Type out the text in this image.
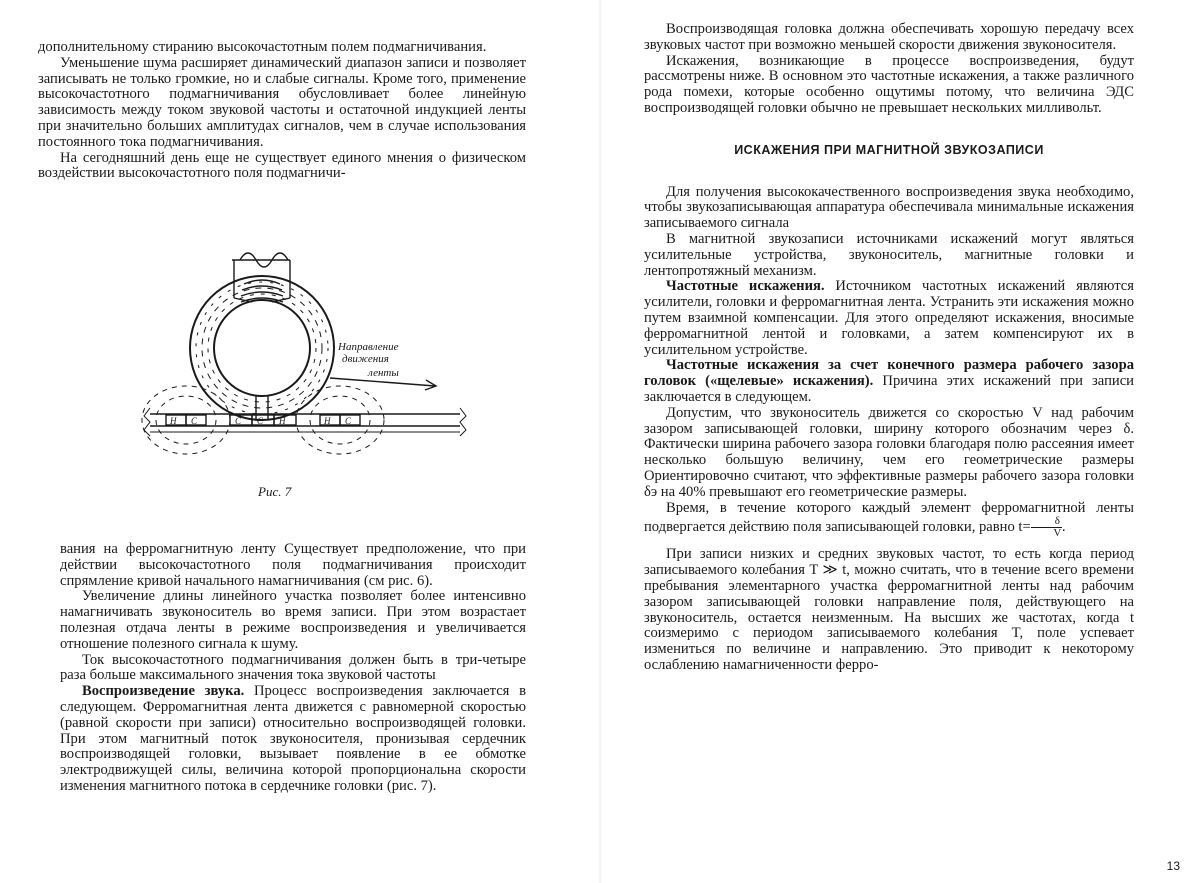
дополнительному стиранию высокочастотным полем подмагничивания.

Уменьшение шума расширяет динамический диапазон записи и позволяет записывать не только громкие, но и слабые сигналы. Кроме того, применение высокочастотного подмагничивания обусловливает более линейную зависимость между током звуковой частоты и остаточной индукцией ленты при значительно больших амплитудах сигналов, чем в случае использования постоянного тока подмагничивания.

На сегодняшний день еще не существует единого мнения о физическом воздействии высокочастотного поля подмагничи-

Направление
движения
ленты
Н C	C C Н	Н C
Рис. 7

вания на ферромагнитную ленту Существует предположение, что при действии высокочастотного поля подмагничивания происходит спрямление кривой начального намагничивания (см рис. 6).

Увеличение длины линейного участка позволяет более интенсивно намагничивать звуконоситель во время записи. При этом возрастает полезная отдача ленты в режиме воспроизведения и увеличивается отношение полезного сигнала к шуму.

Ток высокочастотного подмагничивания должен быть в три-четыре раза больше максимального значения тока звуковой частоты

Воспроизведение звука. Процесс воспроизведения заключается в следующем. Ферромагнитная лента движется с равномерной скоростью (равной скорости при записи) относительно воспроизводящей головки. При этом магнитный поток звуконосителя, пронизывая сердечник воспроизводящей головки, вызывает появление в ее обмотке электродвижущей силы, величина которой пропорциональна скорости изменения магнитного потока в сердечнике головки (рис. 7).

Воспроизводящая головка должна обеспечивать хорошую передачу всех звуковых частот при возможно меньшей скорости движения звуконосителя.

Искажения, возникающие в процессе воспроизведения, будут рассмотрены ниже. В основном это частотные искажения, а также различного рода помехи, которые особенно ощутимы потому, что величина ЭДС воспроизводящей головки обычно не превышает нескольких милливольт.

ИСКАЖЕНИЯ ПРИ МАГНИТНОЙ ЗВУКОЗАПИСИ

Для получения высококачественного воспроизведения звука необходимо, чтобы звукозаписывающая аппаратура обеспечивала минимальные искажения записываемого сигнала

В магнитной звукозаписи источниками искажений могут являться усилительные устройства, звуконоситель, магнитные головки и лентопротяжный механизм.

Частотные искажения. Источником частотных искажений являются усилители, головки и ферромагнитная лента. Устранить эти искажения можно путем взаимной компенсации. Для этого определяют искажения, вносимые ферромагнитной лентой и головками, а затем компенсируют их в усилительном устройстве.

Частотные искажения за счет конечного размера рабочего зазора головок («щелевые» искажения). Причина этих искажений при записи заключается в следующем.

Допустим, что звуконоситель движется со скоростью V над рабочим зазором записывающей головки, ширину которого обозначим через δ. Фактически ширина рабочего зазора головки благодаря полю рассеяния имеет несколько большую величину, чем его геометрические размеры Ориентировочно считают, что эффективные размеры рабочего зазора головки δэ на 40% превышают его геометрические размеры.

Время, в течение которого каждый элемент ферромагнитной ленты подвергается действию поля записывающей головки, равно $t= \frac{\delta}{V}$ .

При записи низких и средних звуковых частот, то есть когда период записываемого колебания T ≫ t, можно считать, что в течение всего времени пребывания элементарного участка ферромагнитной ленты над рабочим зазором записывающей головки направление поля, действующего на звуконоситель, остается неизменным. На высших же частотах, когда t соизмеримо с периодом записываемого колебания T, поле успевает измениться по величине и направлению. Это приводит к некоторому ослаблению намагниченности ферро-

13
